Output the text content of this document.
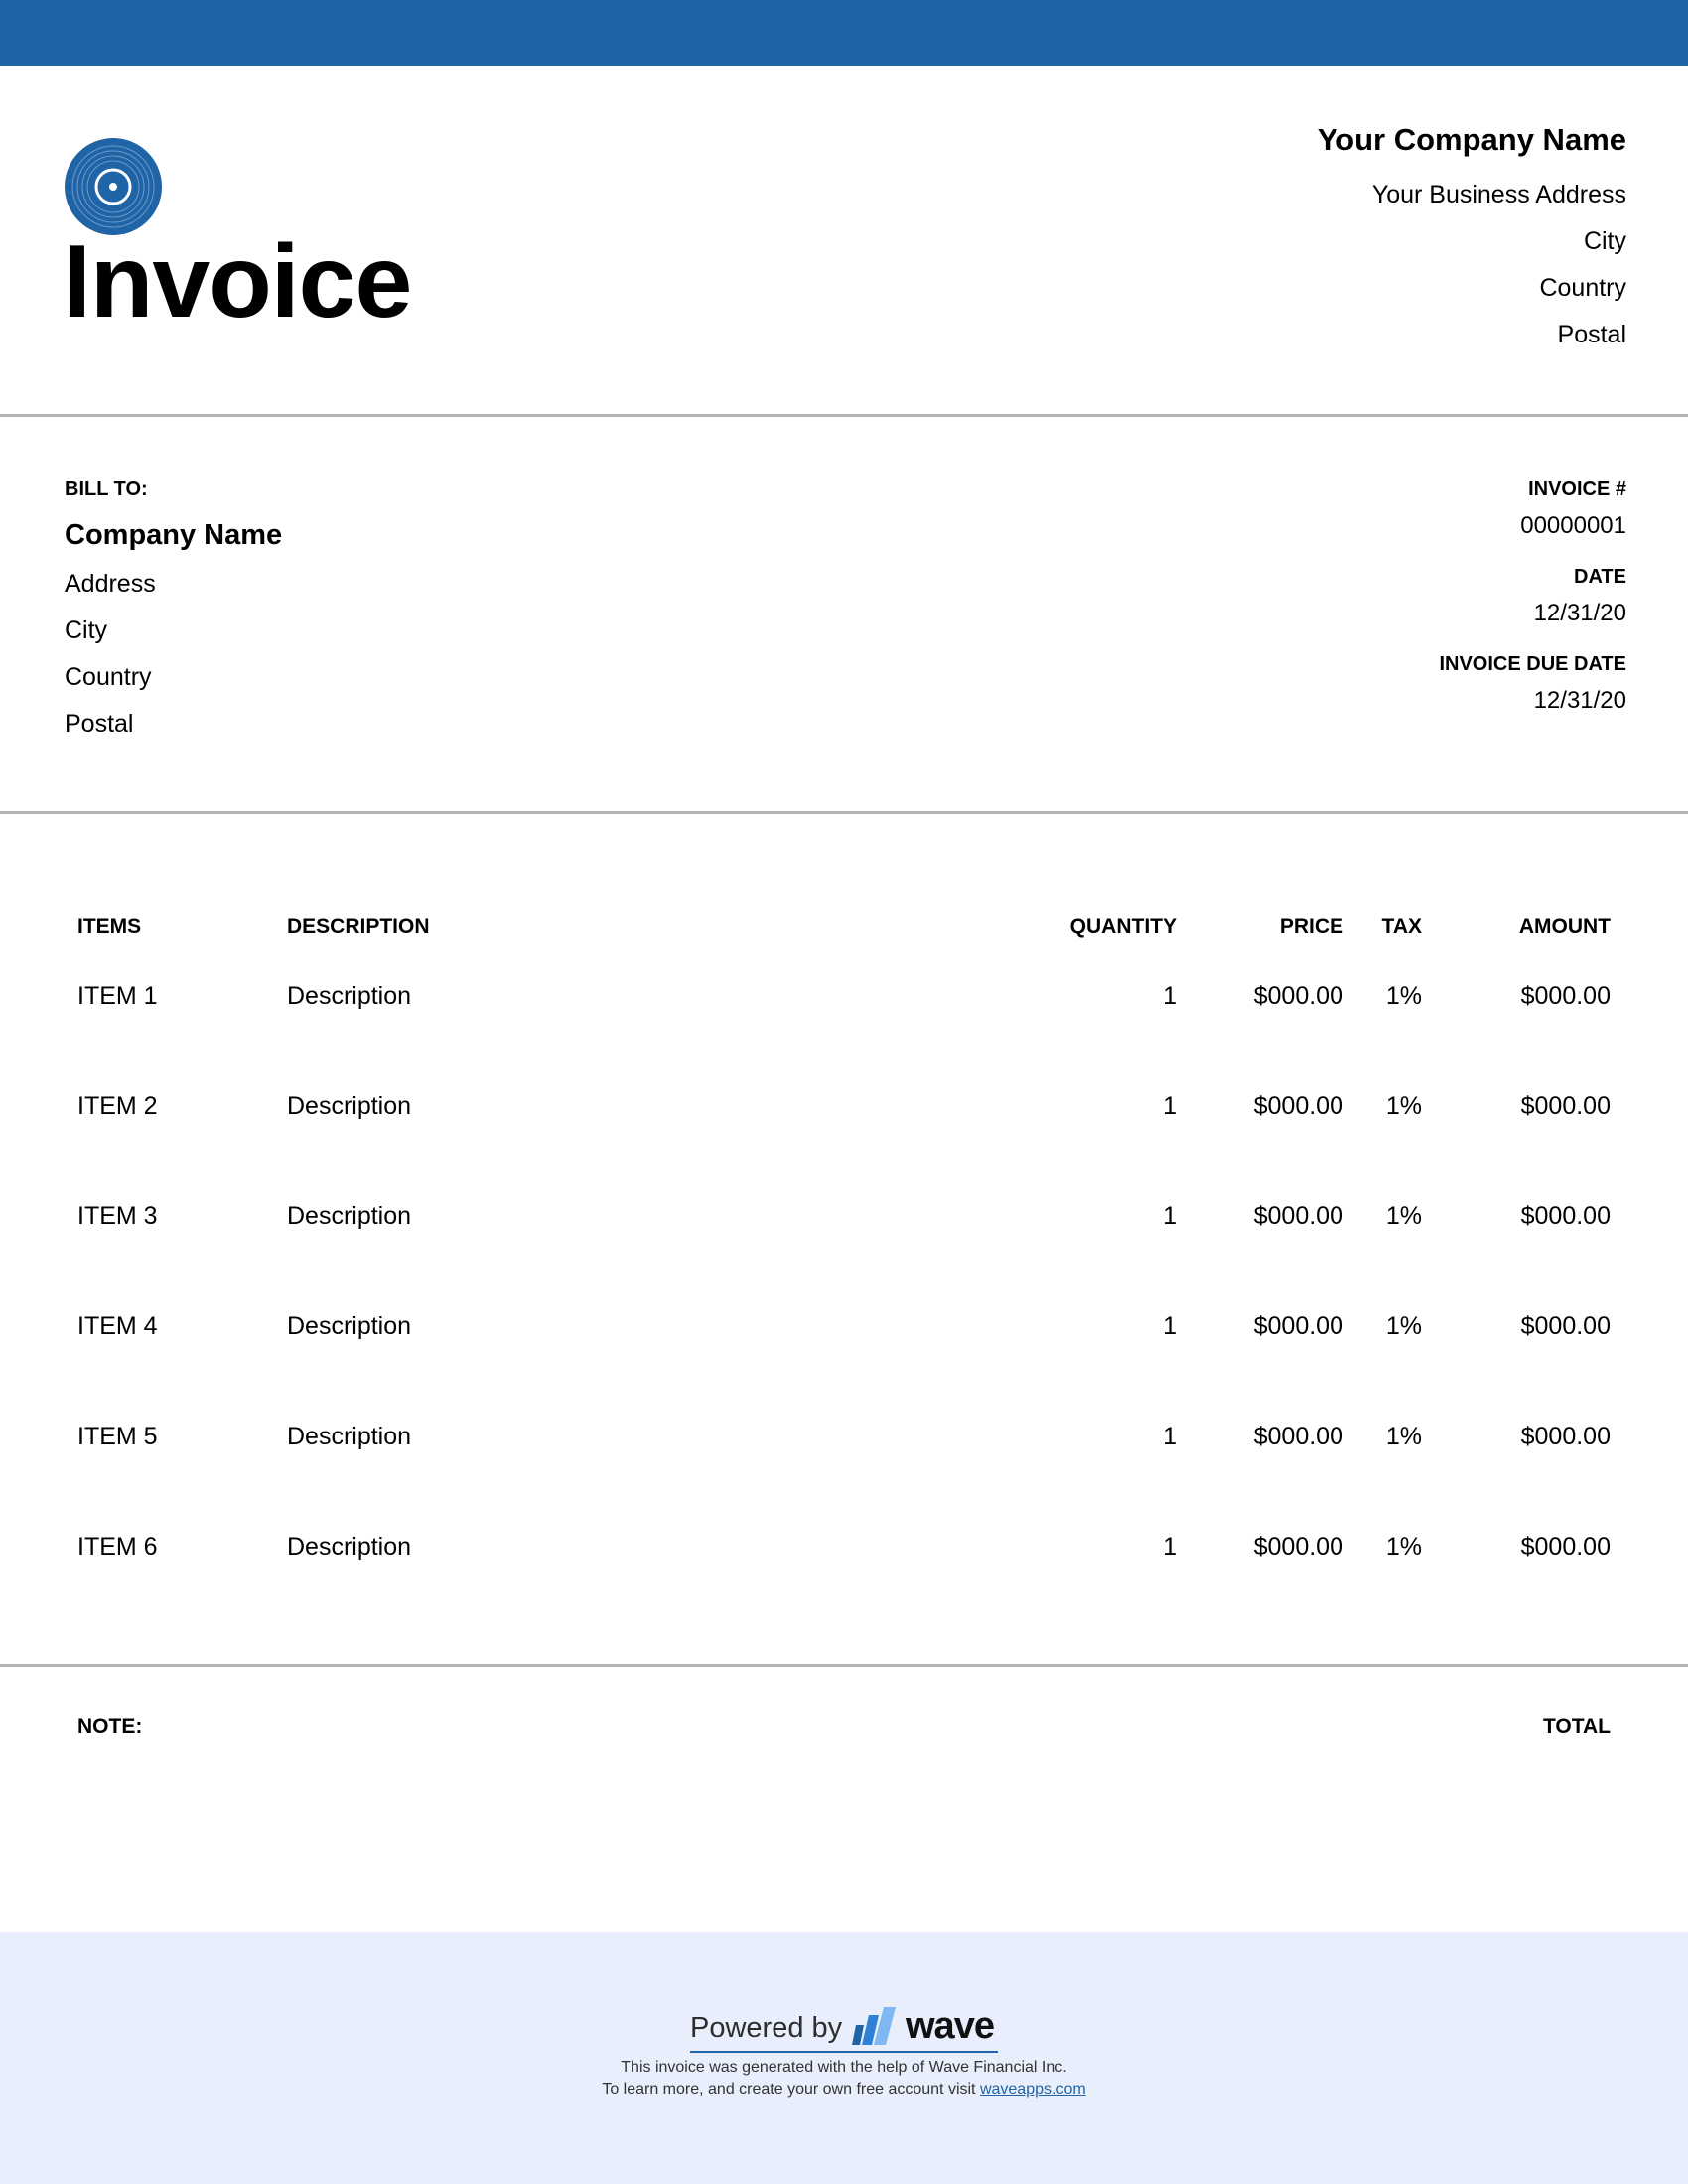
Invoice
Your Company Name
Your Business Address
City
Country
Postal
BILL TO:
Company Name
Address
City
Country
Postal
INVOICE #
00000001
DATE
12/31/20
INVOICE DUE DATE
12/31/20
ITEMS	DESCRIPTION	QUANTITY	PRICE TAX	AMOUNT
ITEM 1	Description	1	$000.00 1%	$000.00
ITEM 2	Description	1	$000.00 1%	$000.00
ITEM 3	Description	1	$000.00 1%	$000.00
ITEM 4	Description	1	$000.00 1%	$000.00
ITEM 5	Description	1	$000.00 1%	$000.00
ITEM 6	Description	1	$000.00 1%	$000.00
NOTE:	TOTAL
Powered by wave
This invoice was generated with the help of Wave Financial Inc.
To learn more, and create your own free account visit waveapps.com
